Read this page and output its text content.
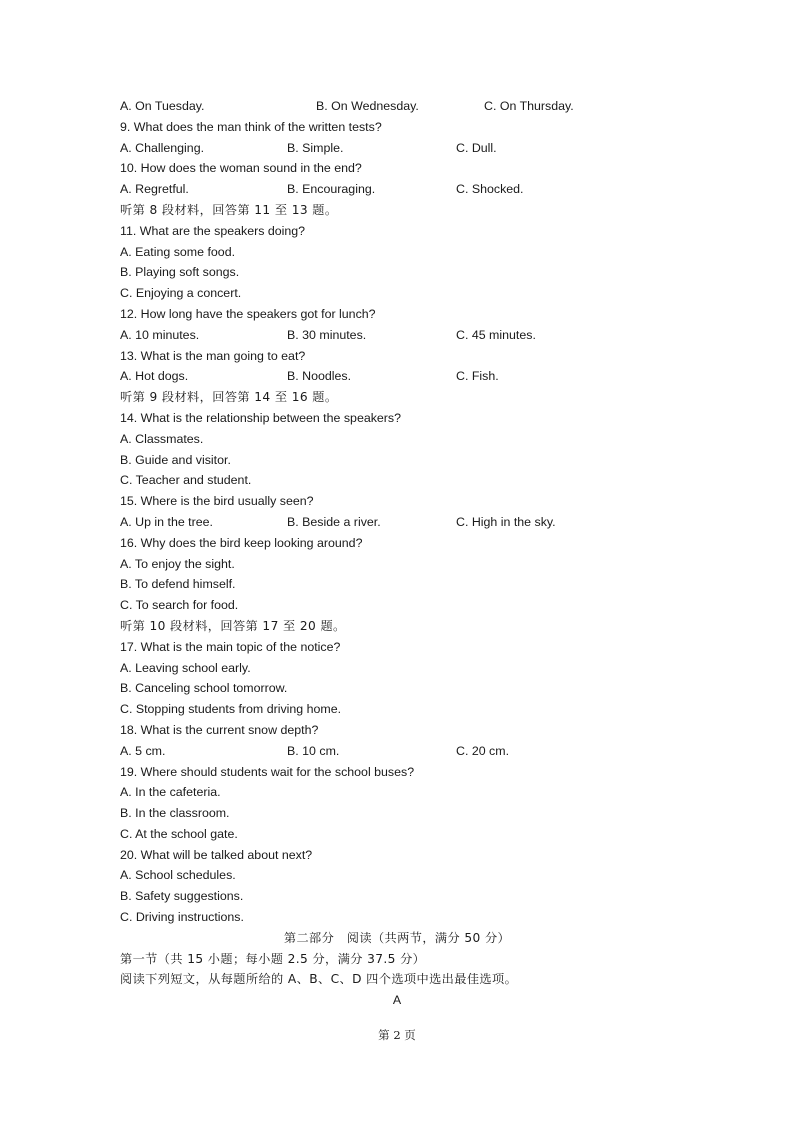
A. On Tuesday.	B. On Wednesday.	C. On Thursday.
9. What does the man think of the written tests?
A. Challenging.	B. Simple.	C. Dull.
10. How does the woman sound in the end?
A. Regretful.	B. Encouraging.	C. Shocked.
听第 8 段材料，回答第 11 至 13 题。
11. What are the speakers doing?
A. Eating some food.
B. Playing soft songs.
C. Enjoying a concert.
12. How long have the speakers got for lunch?
A. 10 minutes.	B. 30 minutes.	C. 45 minutes.
13. What is the man going to eat?
A. Hot dogs.	B. Noodles.	C. Fish.
听第 9 段材料，回答第 14 至 16 题。
14. What is the relationship between the speakers?
A. Classmates.
B. Guide and visitor.
C. Teacher and student.
15. Where is the bird usually seen?
A. Up in the tree.	B. Beside a river.	C. High in the sky.
16. Why does the bird keep looking around?
A. To enjoy the sight.
B. To defend himself.
C. To search for food.
听第 10 段材料，回答第 17 至 20 题。
17. What is the main topic of the notice?
A. Leaving school early.
B. Canceling school tomorrow.
C. Stopping students from driving home.
18. What is the current snow depth?
A. 5 cm.	B. 10 cm.	C. 20 cm.
19. Where should students wait for the school buses?
A. In the cafeteria.
B. In the classroom.
C. At the school gate.
20. What will be talked about next?
A. School schedules.
B. Safety suggestions.
C. Driving instructions.
第二部分　阅读（共两节，满分 50 分）
第一节（共 15 小题；每小题 2.5 分，满分 37.5 分）
阅读下列短文，从每题所给的 A、B、C、D 四个选项中选出最佳选项。
A
第 2 页
